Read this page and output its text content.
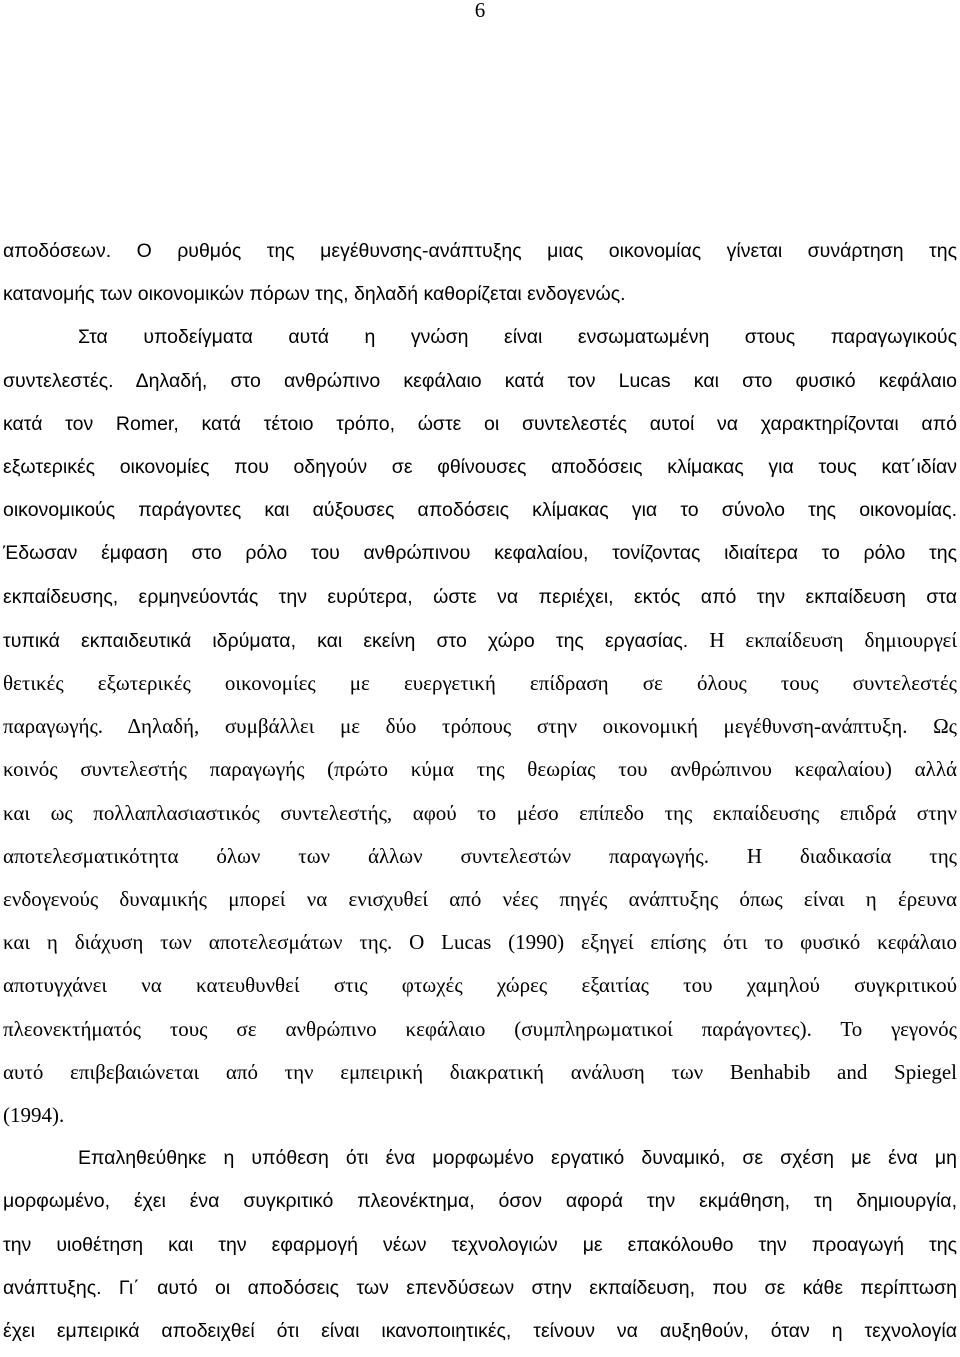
6
αποδόσεων. Ο ρυθμός της μεγέθυνσης-ανάπτυξης μιας οικονομίας γίνεται συνάρτηση της
κατανομής των οικονομικών πόρων της, δηλαδή καθορίζεται ενδογενώς.
Στα υποδείγματα αυτά η γνώση είναι ενσωματωμένη στους παραγωγικούς
συντελεστές. Δηλαδή, στο ανθρώπινο κεφάλαιο κατά τον Lucas και στο φυσικό κεφάλαιο
κατά τον Romer, κατά τέτοιο τρόπο, ώστε οι συντελεστές αυτοί να χαρακτηρίζονται από
εξωτερικές οικονομίες που οδηγούν σε φθίνουσες αποδόσεις κλίμακας για τους κατ΄ιδίαν
οικονομικούς παράγοντες και αύξουσες αποδόσεις κλίμακας για το σύνολο της οικονομίας.
Έδωσαν έμφαση στο ρόλο του ανθρώπινου κεφαλαίου, τονίζοντας ιδιαίτερα το ρόλο της
εκπαίδευσης, ερμηνεύοντάς την ευρύτερα, ώστε να περιέχει, εκτός από την εκπαίδευση στα
τυπικά εκπαιδευτικά ιδρύματα, και εκείνη στο χώρο της εργασίας. Η εκπαίδευση δημιουργεί
θετικές εξωτερικές οικονομίες με ευεργετική επίδραση σε όλους τους συντελεστές
παραγωγής. Δηλαδή, συμβάλλει με δύο τρόπους στην οικονομική μεγέθυνση-ανάπτυξη. Ως
κοινός συντελεστής παραγωγής (πρώτο κύμα της θεωρίας του ανθρώπινου κεφαλαίου) αλλά
και ως πολλαπλασιαστικός συντελεστής, αφού το μέσο επίπεδο της εκπαίδευσης επιδρά στην
αποτελεσματικότητα όλων των άλλων συντελεστών παραγωγής. Η διαδικασία της
ενδογενούς δυναμικής μπορεί να ενισχυθεί από νέες πηγές ανάπτυξης όπως είναι η έρευνα
και η διάχυση των αποτελεσμάτων της. Ο Lucas (1990) εξηγεί επίσης ότι το φυσικό κεφάλαιο
αποτυγχάνει να κατευθυνθεί στις φτωχές χώρες εξαιτίας του χαμηλού συγκριτικού
πλεονεκτήματός τους σε ανθρώπινο κεφάλαιο (συμπληρωματικοί παράγοντες). Το γεγονός
αυτό επιβεβαιώνεται από την εμπειρική διακρατική ανάλυση των Benhabib and Spiegel
(1994).
Επαληθεύθηκε η υπόθεση ότι ένα μορφωμένο εργατικό δυναμικό, σε σχέση με ένα μη
μορφωμένο, έχει ένα συγκριτικό πλεονέκτημα, όσον αφορά την εκμάθηση, τη δημιουργία,
την υιοθέτηση και την εφαρμογή νέων τεχνολογιών με επακόλουθο την προαγωγή της
ανάπτυξης. Γι΄ αυτό οι αποδόσεις των επενδύσεων στην εκπαίδευση, που σε κάθε περίπτωση
έχει εμπειρικά αποδειχθεί ότι είναι ικανοποιητικές, τείνουν να αυξηθούν, όταν η τεχνολογία
